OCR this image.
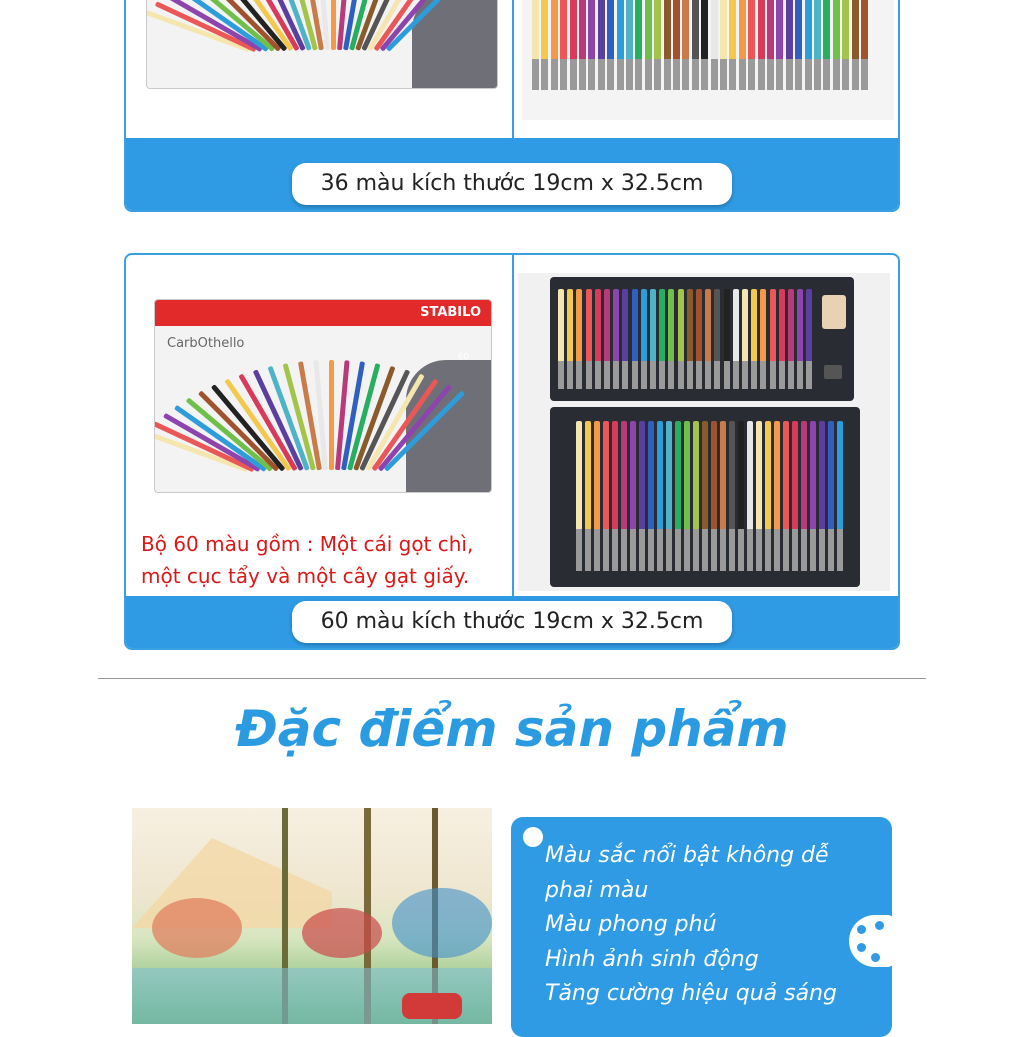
36 màu kích thước 19cm x 32.5cm
STABILO
CarbOthello
60
60 màu kích thước 19cm x 32.5cm
Bộ 60 màu gồm : Một cái gọt chì,
một cục tẩy và một cây gạt giấy.
Đặc điểm sản phẩm
Màu sắc nổi bật không dễ
phai màu
Màu phong phú
Hình ảnh sinh động
Tăng cường hiệu quả sáng
